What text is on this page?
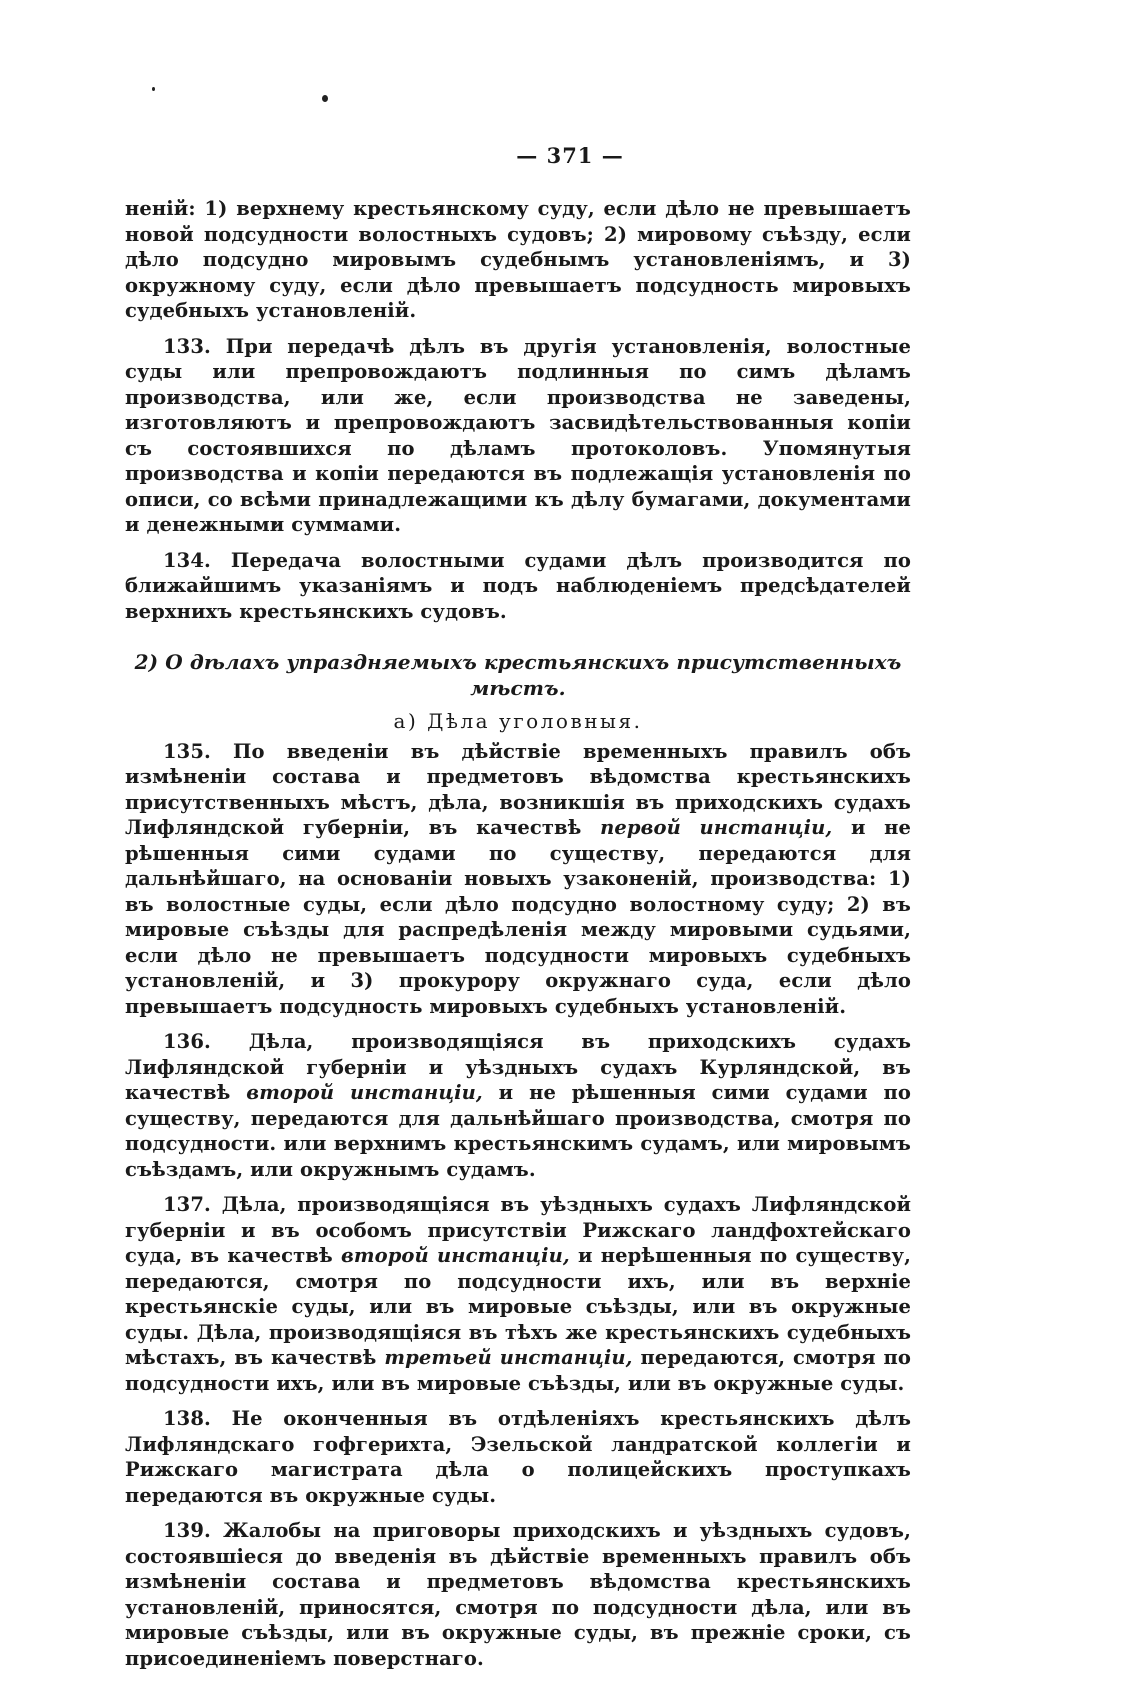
— 371 —

ненiй: 1) верхнему крестьянскому суду, если дѣло не превышаетъ новой подсудности волостныхъ судовъ; 2) мировому съѣзду, если дѣло подсудно мировымъ судебнымъ установленiямъ, и 3) окружному суду, если дѣло превышаетъ подсудность мировыхъ судебныхъ установленiй.

133. При передачѣ дѣлъ въ другiя установленiя, волостные суды или препровождаютъ подлинныя по симъ дѣламъ производства, или же, если производства не заведены, изготовляютъ и препровождаютъ засвидѣтельствованныя копiи съ состоявшихся по дѣламъ протоколовъ. Упомянутыя производства и копiи передаются въ подлежащiя установленiя по описи, со всѣми принадлежащими къ дѣлу бумагами, документами и денежными суммами.

134. Передача волостными судами дѣлъ производится по ближайшимъ указанiямъ и подъ наблюденiемъ предсѣдателей верхнихъ крестьянскихъ судовъ.

2) О дѣлахъ упраздняемыхъ крестьянскихъ присутственныхъ мѣстъ.
а) Дѣла уголовныя.

135. По введенiи въ дѣйствiе временныхъ правилъ объ измѣненiи состава и предметовъ вѣдомства крестьянскихъ присутственныхъ мѣстъ, дѣла, возникшiя въ приходскихъ судахъ Лифляндской губернiи, въ качествѣ первой инстанцiи, и не рѣшенныя сими судами по существу, передаются для дальнѣйшаго, на основанiи новыхъ узаконенiй, производства: 1) въ волостные суды, если дѣло подсудно волостному суду; 2) въ мировые съѣзды для распредѣленiя между мировыми судьями, если дѣло не превышаетъ подсудности мировыхъ судебныхъ установленiй, и 3) прокурору окружнаго суда, если дѣло превышаетъ подсудность мировыхъ судебныхъ установленiй.

136. Дѣла, производящiяся въ приходскихъ судахъ Лифляндской губернiи и уѣздныхъ судахъ Курляндской, въ качествѣ второй инстанцiи, и не рѣшенныя сими судами по существу, передаются для дальнѣйшаго производства, смотря по подсудности. или верхнимъ крестьянскимъ судамъ, или мировымъ съѣздамъ, или окружнымъ судамъ.

137. Дѣла, производящiяся въ уѣздныхъ судахъ Лифляндской губернiи и въ особомъ присутствiи Рижскаго ландфохтейскаго суда, въ качествѣ второй инстанцiи, и нерѣшенныя по существу, передаются, смотря по подсудности ихъ, или въ верхнiе крестьянскiе суды, или въ мировые съѣзды, или въ окружные суды. Дѣла, производящiяся въ тѣхъ же крестьянскихъ судебныхъ мѣстахъ, въ качествѣ третьей инстанцiи, передаются, смотря по подсудности ихъ, или въ мировые съѣзды, или въ окружные суды.

138. Не оконченныя въ отдѣленiяхъ крестьянскихъ дѣлъ Лифляндскаго гофгерихта, Эзельской ландратской коллегiи и Рижскаго магистрата дѣла о полицейскихъ проступкахъ передаются въ окружные суды.

139. Жалобы на приговоры приходскихъ и уѣздныхъ судовъ, состоявшiеся до введенiя въ дѣйствiе временныхъ правилъ объ измѣненiи состава и предметовъ вѣдомства крестьянскихъ установленiй, приносятся, смотря по подсудности дѣла, или въ мировые съѣзды, или въ окружные суды, въ прежнiе сроки, съ присоединенiемъ поверстнаго.
